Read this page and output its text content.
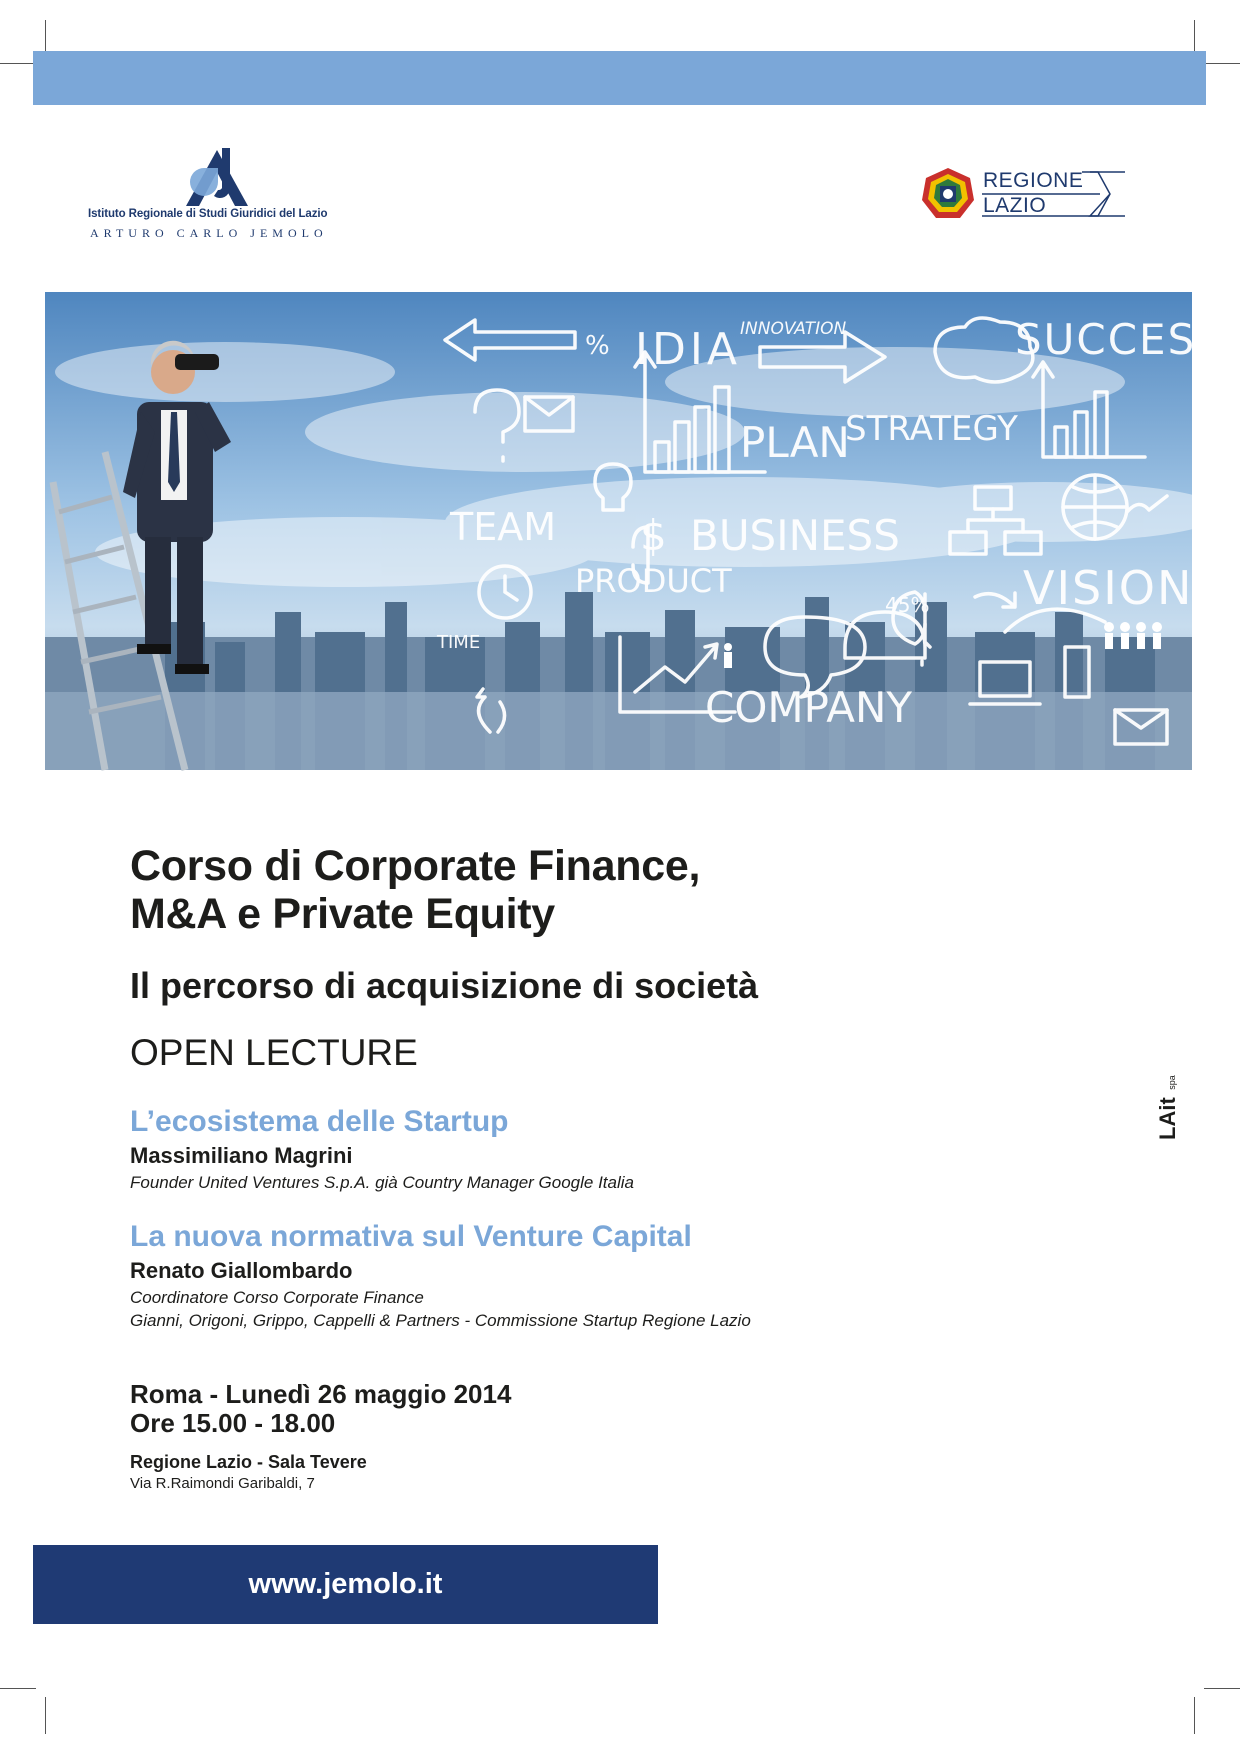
Istituto Regionale di Studi Giuridici del Lazio
ARTURO CARLO JEMOLO
REGIONE
LAZIO
% IDIA INNOVATION	SUCCESS
PLAN
STRATEGY
TEAM	BUSINESS
PRODUCT	VISION
TIME
COMPANY
$
45%
Corso di Corporate Finance,
M&A e Private Equity
Il percorso di acquisizione di società
OPEN LECTURE
L’ecosistema delle Startup
Massimiliano Magrini
Founder United Ventures S.p.A. già Country Manager Google Italia
La nuova normativa sul Venture Capital
Renato Giallombardo
Coordinatore Corso Corporate Finance
Gianni, Origoni, Grippo, Cappelli & Partners - Commissione Startup Regione Lazio
Roma - Lunedì 26 maggio 2014
Ore 15.00 - 18.00
Regione Lazio - Sala Tevere
Via R.Raimondi Garibaldi, 7
LAit spa
www.jemolo.it
